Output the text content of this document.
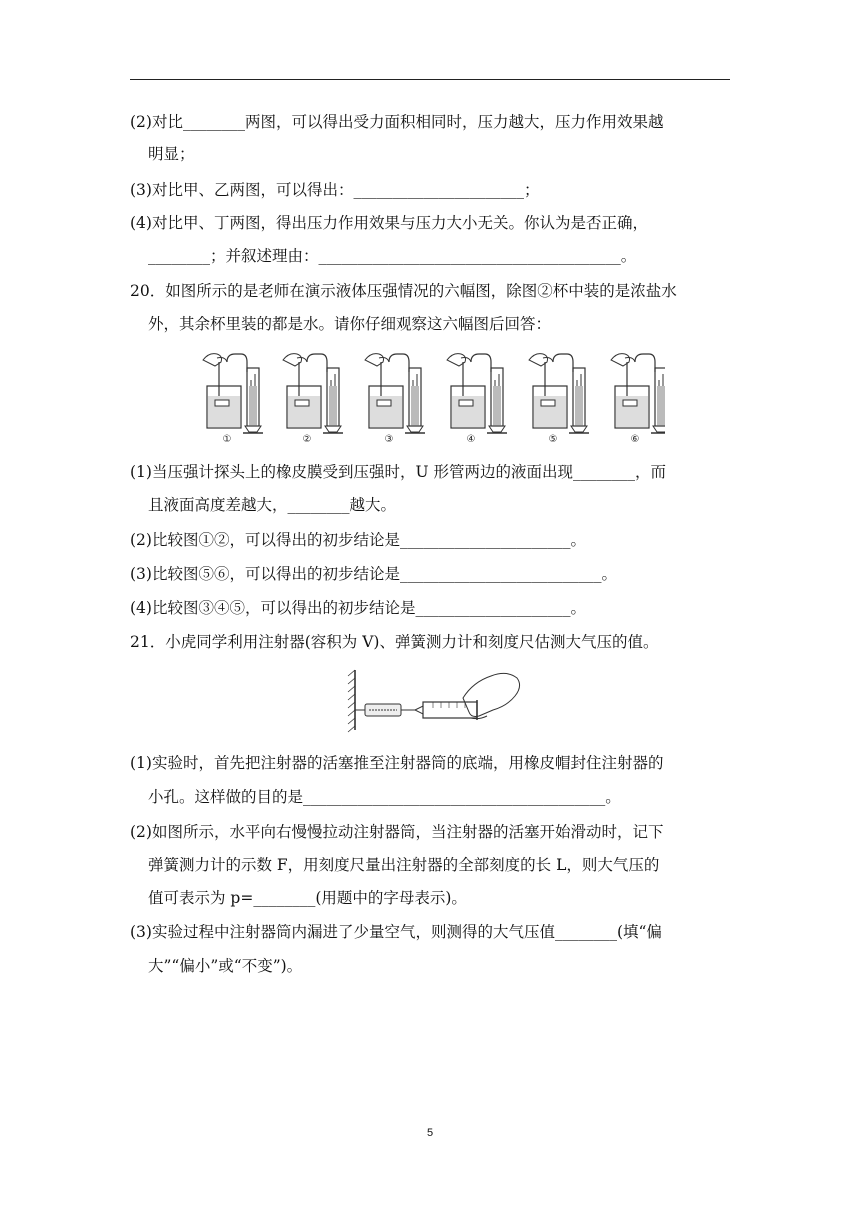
(2)对比________两图，可以得出受力面积相同时，压力越大，压力作用效果越
明显；
(3)对比甲、乙两图，可以得出：______________________；
(4)对比甲、丁两图，得出压力作用效果与压力大小无关。你认为是否正确，
________；并叙述理由：_______________________________________。
20．如图所示的是老师在演示液体压强情况的六幅图，除图②杯中装的是浓盐水
外，其余杯里装的都是水。请你仔细观察这六幅图后回答：
①	②	③	④	⑤	⑥
(1)当压强计探头上的橡皮膜受到压强时，U 形管两边的液面出现________，而
且液面高度差越大，________越大。
(2)比较图①②，可以得出的初步结论是______________________。
(3)比较图⑤⑥，可以得出的初步结论是__________________________。
(4)比较图③④⑤，可以得出的初步结论是____________________。
21．小虎同学利用注射器(容积为 V)、弹簧测力计和刻度尺估测大气压的值。
(1)实验时，首先把注射器的活塞推至注射器筒的底端，用橡皮帽封住注射器的
小孔。这样做的目的是_______________________________________。
(2)如图所示，水平向右慢慢拉动注射器筒，当注射器的活塞开始滑动时，记下
弹簧测力计的示数 F，用刻度尺量出注射器的全部刻度的长 L，则大气压的
值可表示为 p=________(用题中的字母表示)。
(3)实验过程中注射器筒内漏进了少量空气，则测得的大气压值________(填“偏
大”“偏小”或“不变”)。
5
